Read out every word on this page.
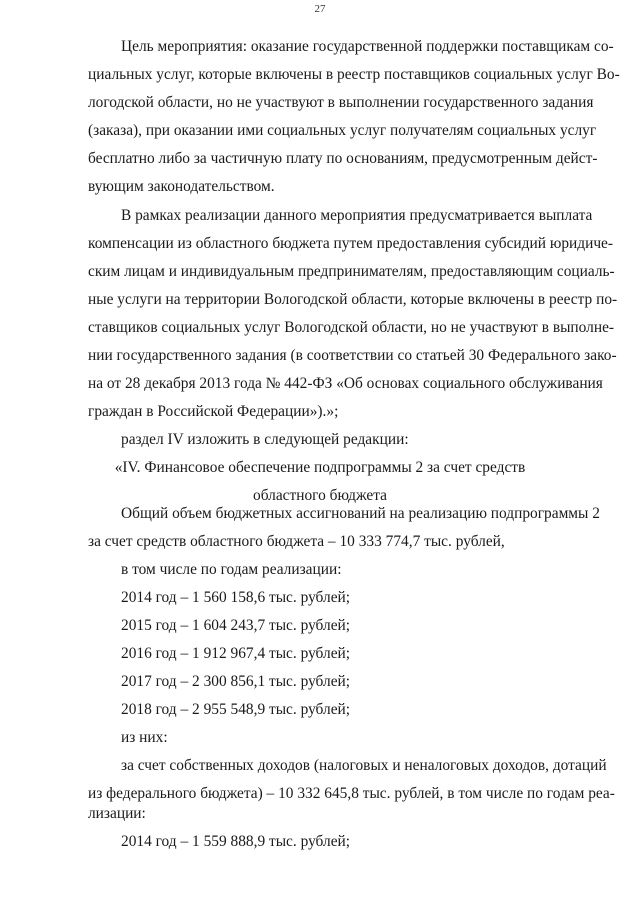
27
Цель мероприятия: оказание государственной поддержки поставщикам со-
циальных услуг, которые включены в реестр поставщиков социальных услуг Во-
логодской области, но не участвуют в выполнении государственного задания
(заказа), при оказании ими социальных услуг получателям социальных услуг
бесплатно либо за частичную плату по основаниям, предусмотренным дейст-
вующим законодательством.
В рамках реализации данного мероприятия предусматривается выплата
компенсации из областного бюджета путем предоставления субсидий юридиче-
ским лицам и индивидуальным предпринимателям, предоставляющим социаль-
ные услуги на территории Вологодской области, которые включены в реестр по-
ставщиков социальных услуг Вологодской области, но не участвуют в выполне-
нии государственного задания (в соответствии со статьей 30 Федерального зако-
на от 28 декабря 2013 года № 442-ФЗ «Об основах социального обслуживания
граждан в Российской Федерации»).»;
раздел IV изложить в следующей редакции:
«IV. Финансовое обеспечение подпрограммы 2 за счет средств
областного бюджета
Общий объем бюджетных ассигнований на реализацию подпрограммы 2
за счет средств областного бюджета – 10 333 774,7 тыс. рублей,
в том числе по годам реализации:
2014 год – 1 560 158,6 тыс. рублей;
2015 год – 1 604 243,7 тыс. рублей;
2016 год – 1 912 967,4 тыс. рублей;
2017 год – 2 300 856,1 тыс. рублей;
2018 год – 2 955 548,9 тыс. рублей;
из них:
за счет собственных доходов (налоговых и неналоговых доходов, дотаций
из федерального бюджета) – 10 332 645,8 тыс. рублей, в том числе по годам реа-
лизации:
2014 год – 1 559 888,9 тыс. рублей;
